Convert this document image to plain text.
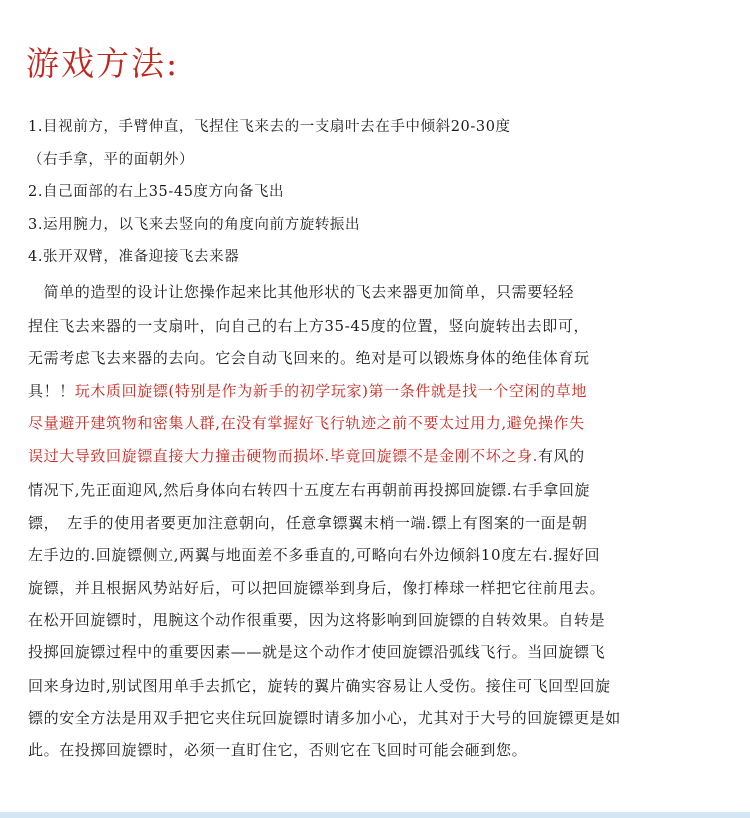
游戏方法:
1.目视前方，手臂伸直，飞捏住飞来去的一支扇叶去在手中倾斜20-30度
（右手拿，平的面朝外）
2.自己面部的右上35-45度方向备飞出
3.运用腕力，以飞来去竖向的角度向前方旋转振出
4.张开双臂，准备迎接飞去来器
　简单的造型的设计让您操作起来比其他形状的飞去来器更加简单，只需要轻轻
捏住飞去来器的一支扇叶，向自己的右上方35-45度的位置，竖向旋转出去即可，
无需考虑飞去来器的去向。它会自动飞回来的。绝对是可以锻炼身体的绝佳体育玩
具！！玩木质回旋镖(特别是作为新手的初学玩家)第一条件就是找一个空闲的草地
尽量避开建筑物和密集人群,在没有掌握好飞行轨迹之前不要太过用力,避免操作失
误过大导致回旋镖直接大力撞击硬物而损坏.毕竟回旋镖不是金刚不坏之身.有风的
情况下,先正面迎风,然后身体向右转四十五度左右再朝前再投掷回旋镖.右手拿回旋
镖，　左手的使用者要更加注意朝向，任意拿镖翼末梢一端.镖上有图案的一面是朝
左手边的.回旋镖侧立,两翼与地面差不多垂直的,可略向右外边倾斜10度左右.握好回
旋镖，并且根据风势站好后，可以把回旋镖举到身后，像打棒球一样把它往前甩去。
在松开回旋镖时，甩腕这个动作很重要，因为这将影响到回旋镖的自转效果。自转是
投掷回旋镖过程中的重要因素——就是这个动作才使回旋镖沿弧线飞行。当回旋镖飞
回来身边时,别试图用单手去抓它，旋转的翼片确实容易让人受伤。接住可飞回型回旋
镖的安全方法是用双手把它夹住玩回旋镖时请多加小心，尤其对于大号的回旋镖更是如
此。在投掷回旋镖时，必须一直盯住它，否则它在飞回时可能会砸到您。
